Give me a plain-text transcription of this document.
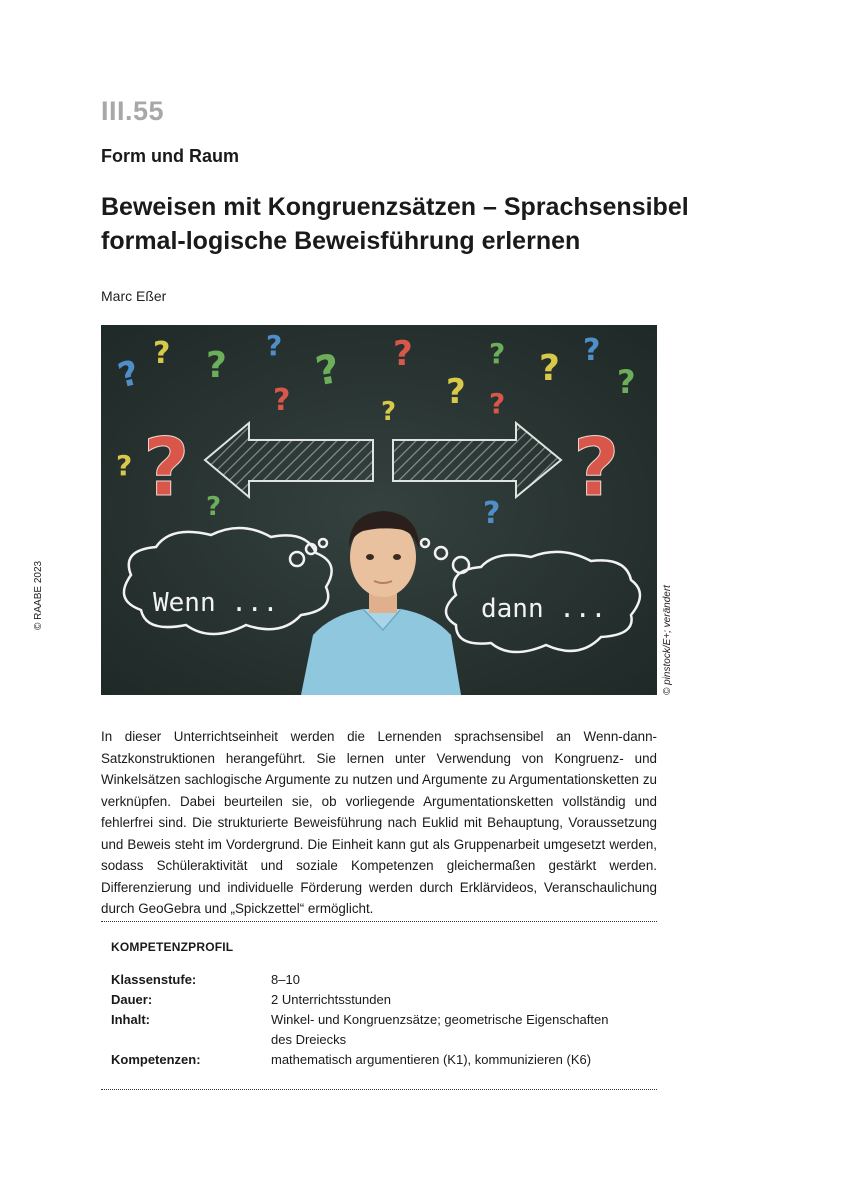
III.55
Form und Raum
Beweisen mit Kongruenzsätzen – Sprachsensibel formal-logische Beweisführung erlernen
Marc Eßer
© RAABE 2023
? ? ? ?
?
? ?
? ?
?
?
? ?
?
?	?
?
?	?
Wenn ...	dann ...	© pinstock/E+; verändert
In dieser Unterrichtseinheit werden die Lernenden sprachsensibel an Wenn-dann-Satzkonstruktionen herangeführt. Sie lernen unter Verwendung von Kongruenz- und Winkelsätzen sachlogische Argumente zu nutzen und Argumente zu Argumentationsketten zu verknüpfen. Dabei beurteilen sie, ob vorliegende Argumentationsketten vollständig und fehlerfrei sind. Die strukturierte Beweisführung nach Euklid mit Behauptung, Voraussetzung und Beweis steht im Vordergrund. Die Einheit kann gut als Gruppenarbeit umgesetzt werden, sodass Schüleraktivität und soziale Kompetenzen gleichermaßen gestärkt werden. Differenzierung und individuelle Förderung werden durch Erklärvideos, Veranschaulichung durch GeoGebra und „Spickzettel“ ermöglicht.
KOMPETENZPROFIL
Klassenstufe:	8–10
Dauer:	2 Unterrichtsstunden
Inhalt:	Winkel- und Kongruenzsätze; geometrische Eigenschaften des Dreiecks
Kompetenzen:	mathematisch argumentieren (K1), kommunizieren (K6)
